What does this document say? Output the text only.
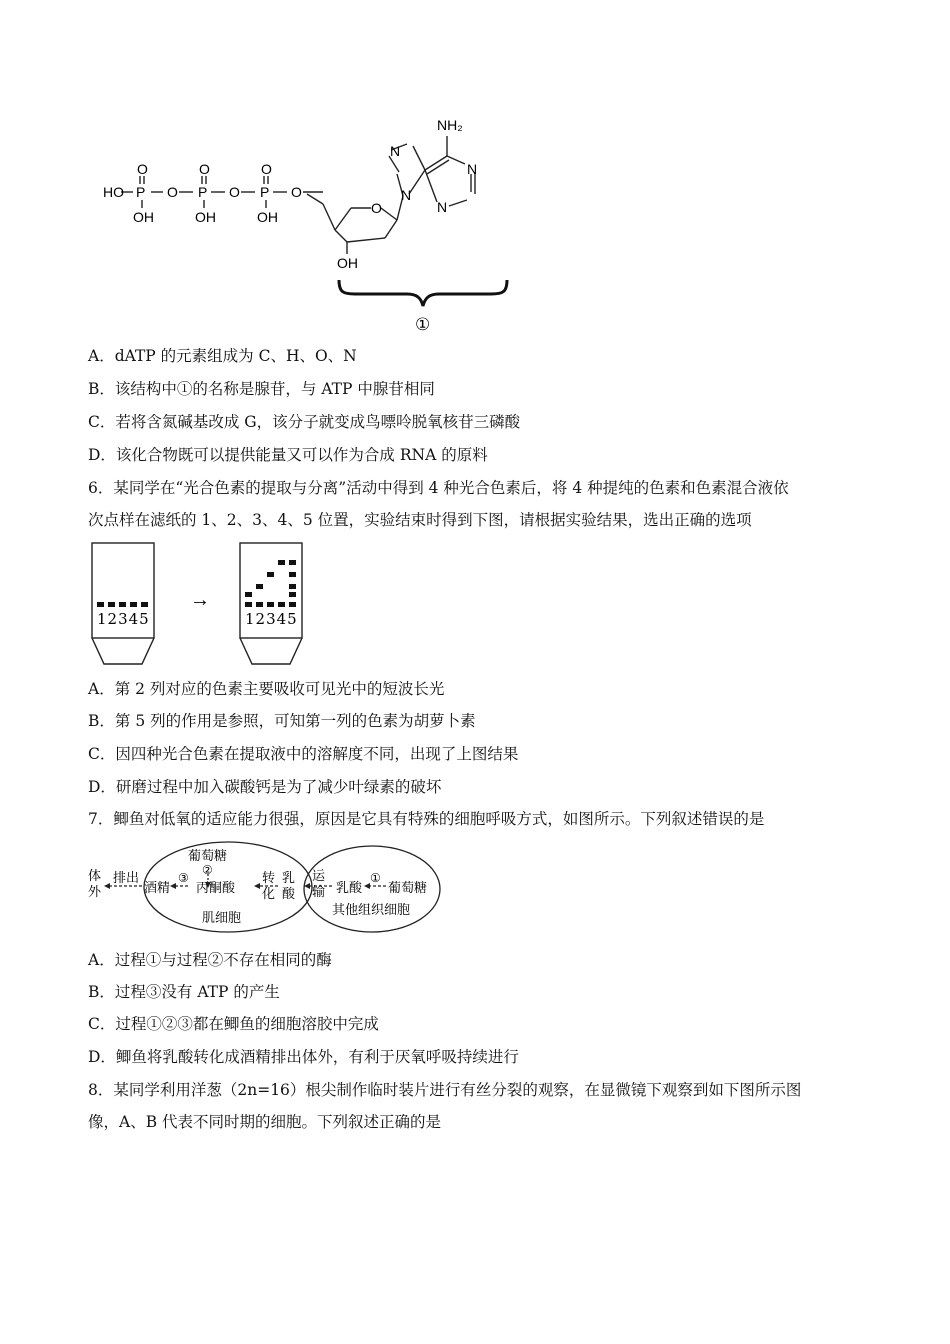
HO P	P	P
O	O	O
O	O	O
OH	OH	OH
O
OH
N
N
N
N
NH₂
①
A．dATP 的元素组成为 C、H、O、N
B．该结构中①的名称是腺苷，与 ATP 中腺苷相同
C．若将含氮碱基改成 G，该分子就变成鸟嘌呤脱氧核苷三磷酸
D．该化合物既可以提供能量又可以作为合成 RNA 的原料
6．某同学在“光合色素的提取与分离”活动中得到 4 种光合色素后，将 4 种提纯的色素和色素混合液依
次点样在滤纸的 1、2、3、4、5 位置，实验结束时得到下图，请根据实验结果，选出正确的选项
12345
→
12345
A．第 2 列对应的色素主要吸收可见光中的短波长光
B．第 5 列的作用是参照，可知第一列的色素为胡萝卜素
C．因四种光合色素在提取液中的溶解度不同，出现了上图结果
D．研磨过程中加入碳酸钙是为了减少叶绿素的破坏
7．鲫鱼对低氧的适应能力很强，原因是它具有特殊的细胞呼吸方式，如图所示。下列叙述错误的是
体
外
排出
葡萄糖
②
③
酒精 丙酮酸
转
化
乳
酸
运
输 乳酸
①
葡萄糖
肌细胞
其他组织细胞
A．过程①与过程②不存在相同的酶
B．过程③没有 ATP 的产生
C．过程①②③都在鲫鱼的细胞溶胶中完成
D．鲫鱼将乳酸转化成酒精排出体外，有利于厌氧呼吸持续进行
8．某同学利用洋葱（2n=16）根尖制作临时装片进行有丝分裂的观察，在显微镜下观察到如下图所示图
像，A、B 代表不同时期的细胞。下列叙述正确的是
